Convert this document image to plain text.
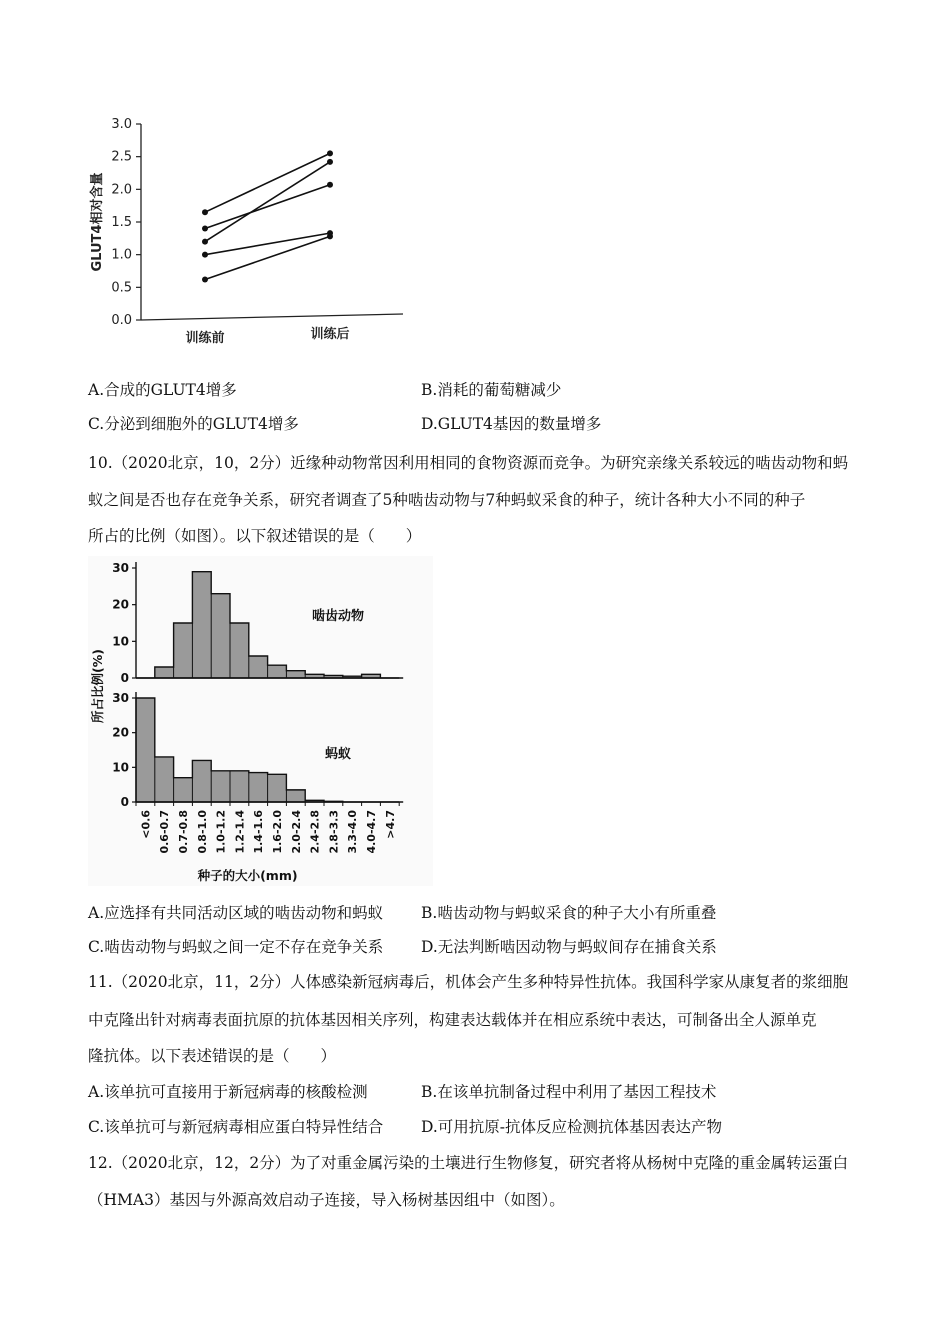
3.0
2.5
2.0
1.5
1.0
0.5
0.0
GLUT4相对含量
训练前	训练后
A.合成的GLUT4增多	B.消耗的葡萄糖减少
C.分泌到细胞外的GLUT4增多	D.GLUT4基因的数量增多
10.（2020北京，10，2分）近缘种动物常因利用相同的食物资源而竞争。为研究亲缘关系较远的啮齿动物和蚂
蚁之间是否也存在竞争关系，研究者调查了5种啮齿动物与7种蚂蚁采食的种子，统计各种大小不同的种子
所占的比例（如图）。以下叙述错误的是（　　）
30
20
10
0
啮齿动物
30
20
10
0
蚂蚁
<0.6 0.6-0.7 0.7-0.8 0.8-1.0 1.0-1.2 1.2-1.4 1.4-1.6 1.6-2.0 2.0-2.4 2.4-2.8 2.8-3.3 3.3-4.0 4.0-4.7 >4.7
种子的大小(mm)
所占比例(%)
A.应选择有共同活动区域的啮齿动物和蚂蚁 B.啮齿动物与蚂蚁采食的种子大小有所重叠
C.啮齿动物与蚂蚁之间一定不存在竞争关系 D.无法判断啮因动物与蚂蚁间存在捕食关系
11.（2020北京，11，2分）人体感染新冠病毒后，机体会产生多种特异性抗体。我国科学家从康复者的浆细胞
中克隆出针对病毒表面抗原的抗体基因相关序列，构建表达载体并在相应系统中表达，可制备出全人源单克
隆抗体。以下表述错误的是（　　）
A.该单抗可直接用于新冠病毒的核酸检测	B.在该单抗制备过程中利用了基因工程技术
C.该单抗可与新冠病毒相应蛋白特异性结合 D.可用抗原-抗体反应检测抗体基因表达产物
12.（2020北京，12，2分）为了对重金属污染的土壤进行生物修复，研究者将从杨树中克隆的重金属转运蛋白
（HMA3）基因与外源高效启动子连接，导入杨树基因组中（如图）。
